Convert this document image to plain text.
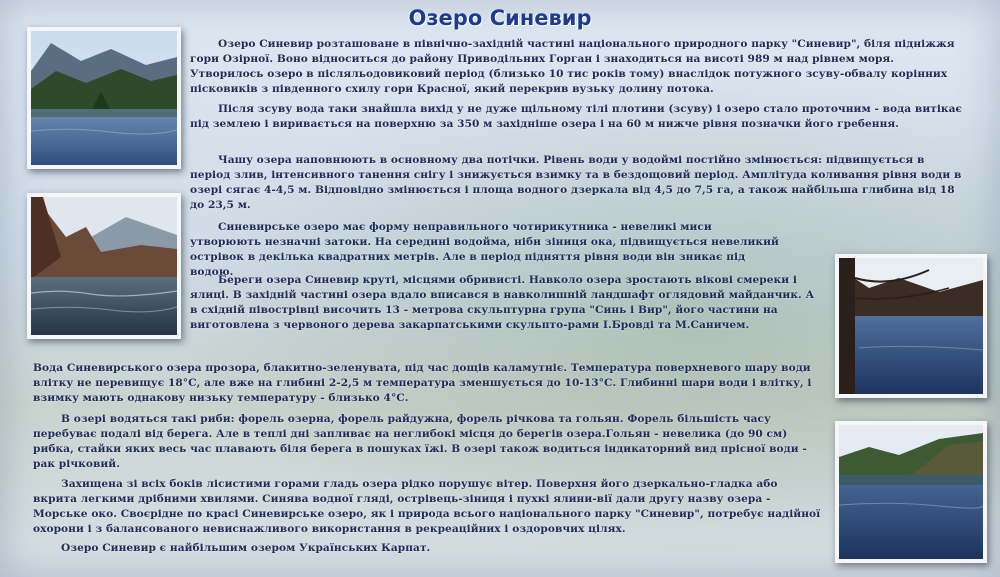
Озеро Синевир

Озеро Синевир розташоване в північно-західній частині національного природного парку "Синевир", біля підніжжя гори Озірної. Воно відноситься до району Приводільних Горган і знаходиться на висоті 989 м над рівнем моря. Утворилось озеро в післяльодовиковий період (близько 10 тис років тому) внаслідок потужного зсуву-обвалу корінних пісковиків з південного схилу гори Красної, який перекрив вузьку долину потока.

Після зсуву вода таки знайшла вихід у не дуже щільному тілі плотини (зсуву) і озеро стало проточним - вода витікає під землею і виривається на поверхню за 350 м західніше озера і на 60 м нижче рівня позначки його гребення.

Чашу озера наповнюють в основному два потічки. Рівень води у водоймі постійно змінюється: підвищується в період злив, інтенсивного танення снігу і знижується взимку та в бездощовий період. Амплітуда коливання рівня води в озері сягає 4-4,5 м. Відповідно змінюється і площа водного дзеркала від 4,5 до 7,5 га, а також найбільша глибина від 18 до 23,5 м.

Синевирське озеро має форму неправильного чотирикутника - невеликі миси утворюють незначні затоки. На середині водойма, ніби зіниця ока, підвищується невеликий острівок в декілька квадратних метрів. Але в період підняття рівня води він зникає під водою.

Береги озера Синевир круті, місцями обривисті. Навколо озера зростають вікові смереки і ялиці. В західній частині озера вдало вписався в навколишній ландшафт оглядовий майданчик. А в східній півострівці височить 13 - метрова скульптурна група "Синь і Вир", його частини на виготовлена з червоного дерева закарпатськими скульпто-рами І.Бровді та М.Саничем.

Вода Синевирського озера прозора, блакитно-зеленувата, під час дощів каламутніє. Температура поверхневого шару води влітку не перевищує 18°С, але вже на глибині 2-2,5 м температура зменшується до 10-13°С. Глибинні шари води і влітку, і взимку мають однакову низьку температуру - близько 4°С.

В озері водяться такі риби: форель озерна, форель райдужна, форель річкова та гольян. Форель більшість часу перебуває подалі від берега. Але в теплі дні запливає на неглибокі місця до берегів озера.Гольян - невелика (до 90 см) рибка, стайки яких весь час плавають біля берега в пошуках їжі. В озері також водиться індикаторний вид прісної води - рак річковий.

Захищена зі всіх боків лісистими горами гладь озера рідко порушує вітер. Поверхня його дзеркально-гладка або вкрита легкими дрібними хвилями. Синява водної гляді, острівець-зіниця і пухкі ялини-вії дали другу назву озера - Морське око. Своєрідне по красі Синевирське озеро, як і природа всього національного парку "Синевир", потребує надійної охорони і з балансованого невиснажливого використання в рекреаційних і оздоровчих цілях.

Озеро Синевир є найбільшим озером Українських Карпат.
